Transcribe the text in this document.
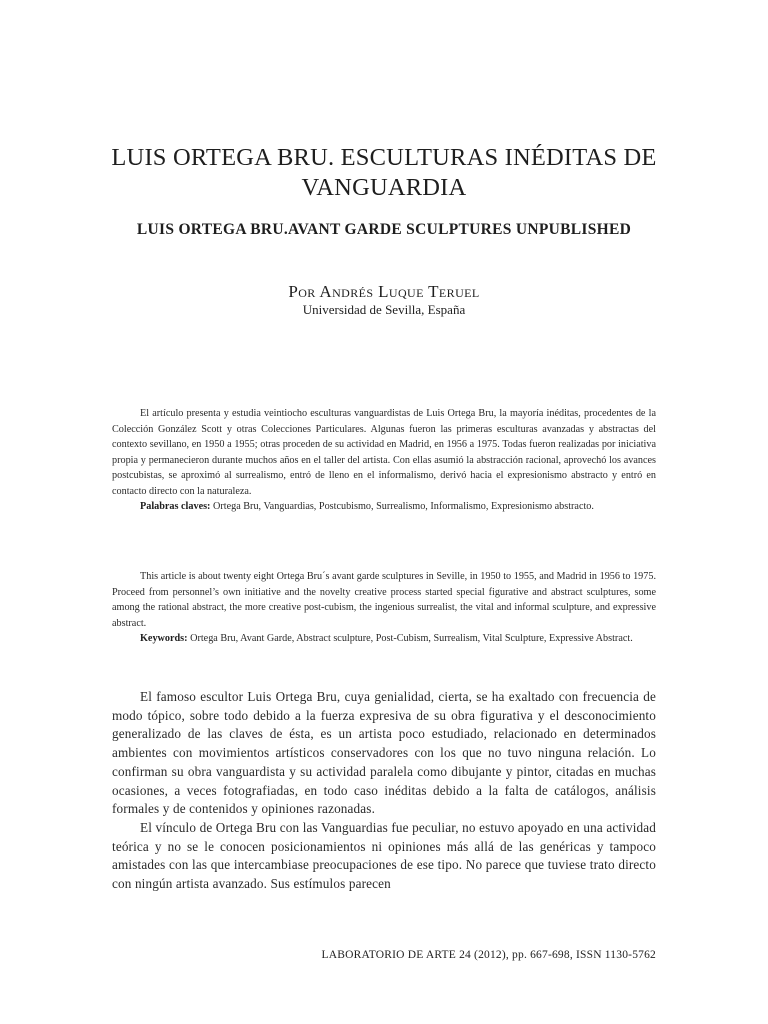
LUIS ORTEGA BRU. ESCULTURAS INÉDITAS DE VANGUARDIA
LUIS ORTEGA BRU.AVANT GARDE SCULPTURES UNPUBLISHED
Por Andrés Luque Teruel
Universidad de Sevilla, España

El artículo presenta y estudia veintiocho esculturas vanguardistas de Luis Ortega Bru, la mayoría inéditas, procedentes de la Colección González Scott y otras Colecciones Particulares. Algunas fueron las primeras esculturas avanzadas y abstractas del contexto sevillano, en 1950 a 1955; otras proceden de su actividad en Madrid, en 1956 a 1975. Todas fueron realizadas por iniciativa propia y permanecieron durante muchos años en el taller del artista. Con ellas asumió la abstracción racional, aprovechó los avances postcubistas, se aproximó al surrealismo, entró de lleno en el informalismo, derivó hacia el expresionismo abstracto y entró en contacto directo con la naturaleza.

Palabras claves: Ortega Bru, Vanguardias, Postcubismo, Surrealismo, Informalismo, Expresionismo abstracto.

This article is about twenty eight Ortega Bru´s avant garde sculptures in Seville, in 1950 to 1955, and Madrid in 1956 to 1975. Proceed from personnel’s own initiative and the novelty creative process started special figurative and abstract sculptures, some among the rational abstract, the more creative post-cubism, the ingenious surrealist, the vital and informal sculpture, and expressive abstract.

Keywords: Ortega Bru, Avant Garde, Abstract sculpture, Post-Cubism, Surrealism, Vital Sculpture, Expressive Abstract.

El famoso escultor Luis Ortega Bru, cuya genialidad, cierta, se ha exaltado con frecuencia de modo tópico, sobre todo debido a la fuerza expresiva de su obra figurativa y el desconocimiento generalizado de las claves de ésta, es un artista poco estudiado, relacionado en determinados ambientes con movimientos artísticos conservadores con los que no tuvo ninguna relación. Lo confirman su obra vanguardista y su actividad paralela como dibujante y pintor, citadas en muchas ocasiones, a veces fotografiadas, en todo caso inéditas debido a la falta de catálogos, análisis formales y de contenidos y opiniones razonadas.

El vínculo de Ortega Bru con las Vanguardias fue peculiar, no estuvo apoyado en una actividad teórica y no se le conocen posicionamientos ni opiniones más allá de las genéricas y tampoco amistades con las que intercambiase preocupaciones de ese tipo. No parece que tuviese trato directo con ningún artista avanzado. Sus estímulos parecen

LABORATORIO DE ARTE 24 (2012), pp. 667-698, ISSN 1130-5762
